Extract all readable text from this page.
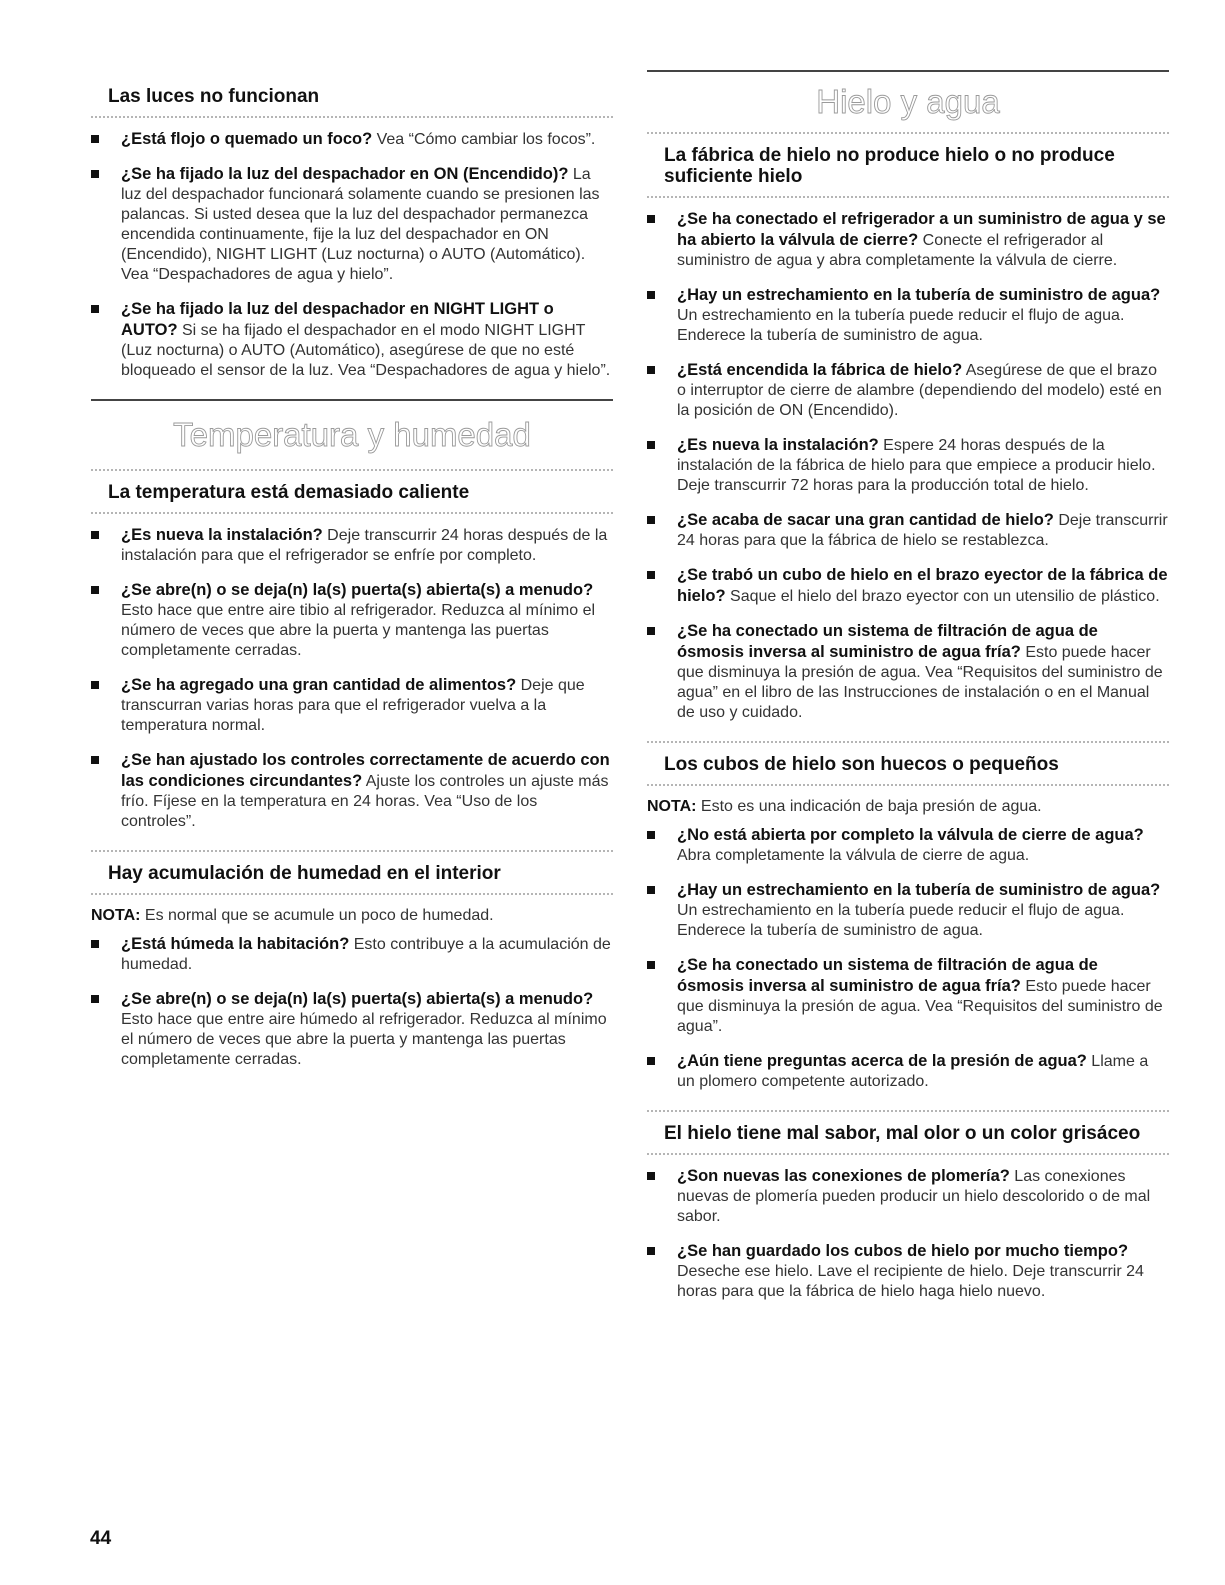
Las luces no funcionan
¿Está flojo o quemado un foco? Vea “Cómo cambiar los focos”.
¿Se ha fijado la luz del despachador en ON (Encendido)? La luz del despachador funcionará solamente cuando se presionen las palancas. Si usted desea que la luz del despachador permanezca encendida continuamente, fije la luz del despachador en ON (Encendido), NIGHT LIGHT (Luz nocturna) o AUTO (Automático). Vea “Despachadores de agua y hielo”.
¿Se ha fijado la luz del despachador en NIGHT LIGHT o AUTO? Si se ha fijado el despachador en el modo NIGHT LIGHT (Luz nocturna) o AUTO (Automático), asegúrese de que no esté bloqueado el sensor de la luz. Vea “Despachadores de agua y hielo”.
Temperatura y humedad
La temperatura está demasiado caliente
¿Es nueva la instalación? Deje transcurrir 24 horas después de la instalación para que el refrigerador se enfríe por completo.
¿Se abre(n) o se deja(n) la(s) puerta(s) abierta(s) a menudo? Esto hace que entre aire tibio al refrigerador. Reduzca al mínimo el número de veces que abre la puerta y mantenga las puertas completamente cerradas.
¿Se ha agregado una gran cantidad de alimentos? Deje que transcurran varias horas para que el refrigerador vuelva a la temperatura normal.
¿Se han ajustado los controles correctamente de acuerdo con las condiciones circundantes? Ajuste los controles un ajuste más frío. Fíjese en la temperatura en 24 horas. Vea “Uso de los controles”.
Hay acumulación de humedad en el interior

NOTA: Es normal que se acumule un poco de humedad.

¿Está húmeda la habitación? Esto contribuye a la acumulación de humedad.
¿Se abre(n) o se deja(n) la(s) puerta(s) abierta(s) a menudo? Esto hace que entre aire húmedo al refrigerador. Reduzca al mínimo el número de veces que abre la puerta y mantenga las puertas completamente cerradas.
Hielo y agua
La fábrica de hielo no produce hielo o no produce suficiente hielo
¿Se ha conectado el refrigerador a un suministro de agua y se ha abierto la válvula de cierre? Conecte el refrigerador al suministro de agua y abra completamente la válvula de cierre.
¿Hay un estrechamiento en la tubería de suministro de agua? Un estrechamiento en la tubería puede reducir el flujo de agua. Enderece la tubería de suministro de agua.
¿Está encendida la fábrica de hielo? Asegúrese de que el brazo o interruptor de cierre de alambre (dependiendo del modelo) esté en la posición de ON (Encendido).
¿Es nueva la instalación? Espere 24 horas después de la instalación de la fábrica de hielo para que empiece a producir hielo. Deje transcurrir 72 horas para la producción total de hielo.
¿Se acaba de sacar una gran cantidad de hielo? Deje transcurrir 24 horas para que la fábrica de hielo se restablezca.
¿Se trabó un cubo de hielo en el brazo eyector de la fábrica de hielo? Saque el hielo del brazo eyector con un utensilio de plástico.
¿Se ha conectado un sistema de filtración de agua de ósmosis inversa al suministro de agua fría? Esto puede hacer que disminuya la presión de agua. Vea “Requisitos del suministro de agua” en el libro de las Instrucciones de instalación o en el Manual de uso y cuidado.
Los cubos de hielo son huecos o pequeños

NOTA: Esto es una indicación de baja presión de agua.

¿No está abierta por completo la válvula de cierre de agua? Abra completamente la válvula de cierre de agua.
¿Hay un estrechamiento en la tubería de suministro de agua? Un estrechamiento en la tubería puede reducir el flujo de agua. Enderece la tubería de suministro de agua.
¿Se ha conectado un sistema de filtración de agua de ósmosis inversa al suministro de agua fría? Esto puede hacer que disminuya la presión de agua. Vea “Requisitos del suministro de agua”.
¿Aún tiene preguntas acerca de la presión de agua? Llame a un plomero competente autorizado.
El hielo tiene mal sabor, mal olor o un color grisáceo
¿Son nuevas las conexiones de plomería? Las conexiones nuevas de plomería pueden producir un hielo descolorido o de mal sabor.
¿Se han guardado los cubos de hielo por mucho tiempo? Deseche ese hielo. Lave el recipiente de hielo. Deje transcurrir 24 horas para que la fábrica de hielo haga hielo nuevo.
44
